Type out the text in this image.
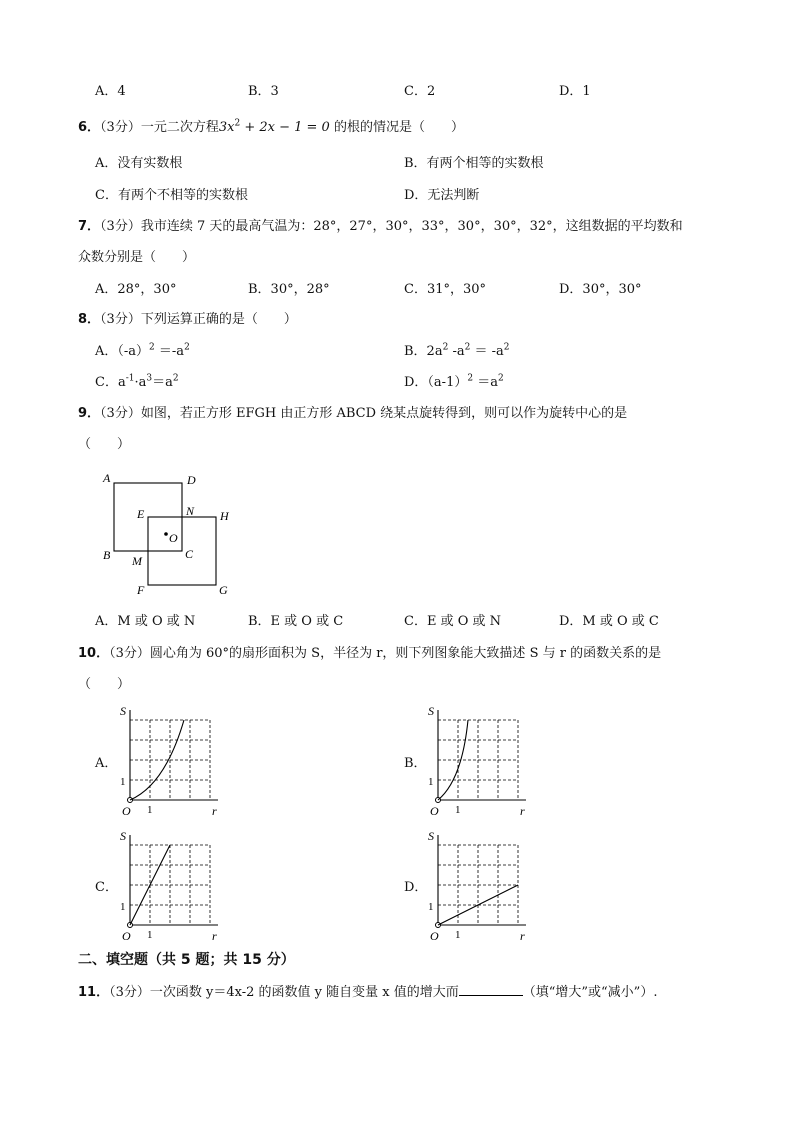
A．4	B．3	C．2	D．1
6．（3分）一元二次方程$3x^2 + 2x - 1 = 0$ 的根的情况是（　　）
A．没有实数根	B．有两个相等的实数根
C．有两个不相等的实数根	D．无法判断
7．（3分）我市连续 7 天的最高气温为：28°，27°，30°，33°，30°，30°，32°，这组数据的平均数和
众数分别是（　　）
A．28°，30°	B．30°，28°	C．31°，30°	D．30°，30°
8．（3分）下列运算正确的是（　　）
A．$(-a)^2 =-a^2$	B．$2a^2$ $-a^2 = -a^2$
C．$a^{-1}\cdot a^3=a^2$	D．$(a-1)^2 =a^2$
9．（3分）如图，若正方形 EFGH 由正方形 ABCD 绕某点旋转得到，则可以作为旋转中心的是
（　　）
A	D
E	N H
O
B	C
M
F	G
A．M 或 O 或 N	B．E 或 O 或 C	C．E 或 O 或 N	D．M 或 O 或 C
10．（3分）圆心角为 60°的扇形面积为 S，半径为 r，则下列图象能大致描述 S 与 r 的函数关系的是
（　　）
A．	B．
C．	D．
S
r
O 1
1
S
r
O 1
1
S
r
O 1
1
S
r
O 1
1
二、填空题（共 5 题；共 15 分）
11．（3分）一次函数 y＝4x-2 的函数值 y 随自变量 x 值的增大而	（填“增大”或“减小”）.
